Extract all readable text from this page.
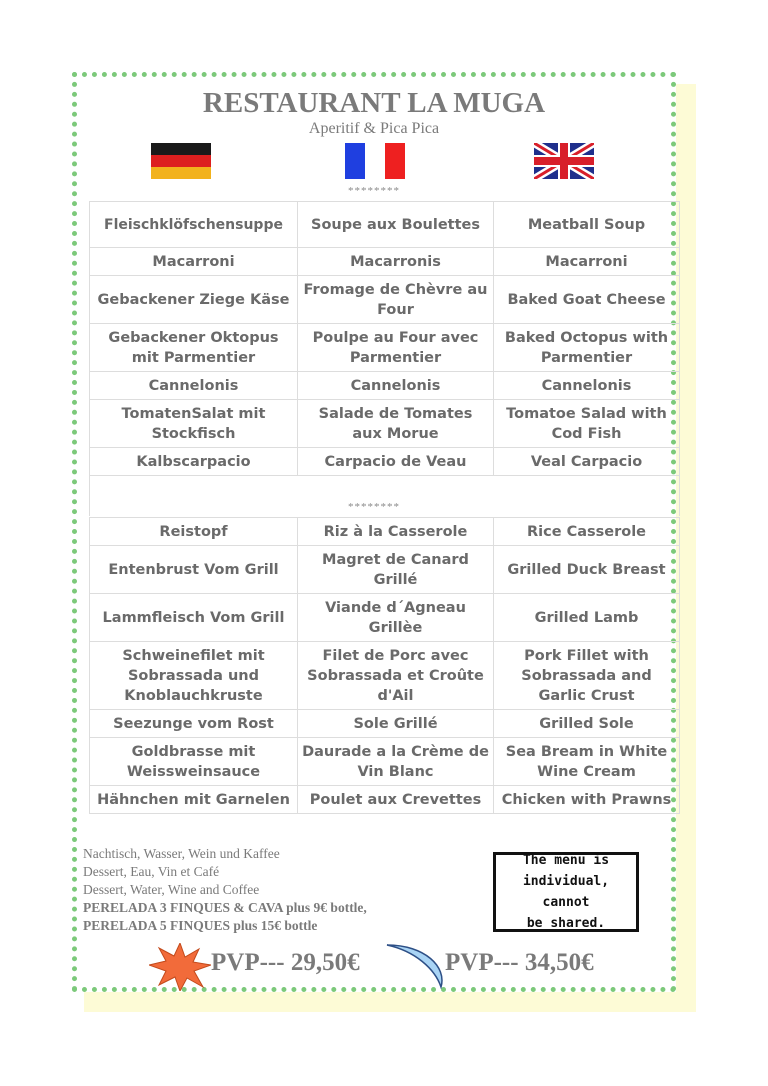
RESTAURANT LA MUGA
Aperitif & Pica Pica
********
Fleischklöfschensuppe	Soupe aux Boulettes	Meatball Soup
Macarroni	Macarronis	Macarroni
Gebackener Ziege Käse	Fromage de Chèvre au Four	Baked Goat Cheese
Gebackener Oktopus mit Parmentier	Poulpe au Four avec Parmentier	Baked Octopus with Parmentier
Cannelonis	Cannelonis	Cannelonis
TomatenSalat mit Stockfisch	Salade de Tomates aux Morue	Tomatoe Salad with Cod Fish
Kalbscarpacio	Carpacio de Veau	Veal Carpacio

********
Reistopf	Riz à la Casserole	Rice Casserole
Entenbrust Vom Grill	Magret de Canard Grillé	Grilled Duck Breast
Lammfleisch Vom Grill	Viande d´Agneau Grillèe	Grilled Lamb
Schweinefilet mit Sobrassada und Knoblauchkruste	Filet de Porc avec Sobrassada et Croûte d'Ail	Pork Fillet with Sobrassada and Garlic Crust
Seezunge vom Rost	Sole Grillé	Grilled Sole
Goldbrasse mit Weissweinsauce	Daurade a la Crème de Vin Blanc	Sea Bream in White Wine Cream
Hähnchen mit Garnelen	Poulet aux Crevettes	Chicken with Prawns
Nachtisch, Wasser, Wein und Kaffee
Dessert, Eau, Vin et Café
Dessert, Water, Wine and Coffee
PERELADA 3 FINQUES & CAVA plus 9€ bottle,
PERELADA 5 FINQUES plus 15€ bottle
The menu is
individual, cannot
be shared.
PVP--- 29,50€	PVP--- 34,50€
